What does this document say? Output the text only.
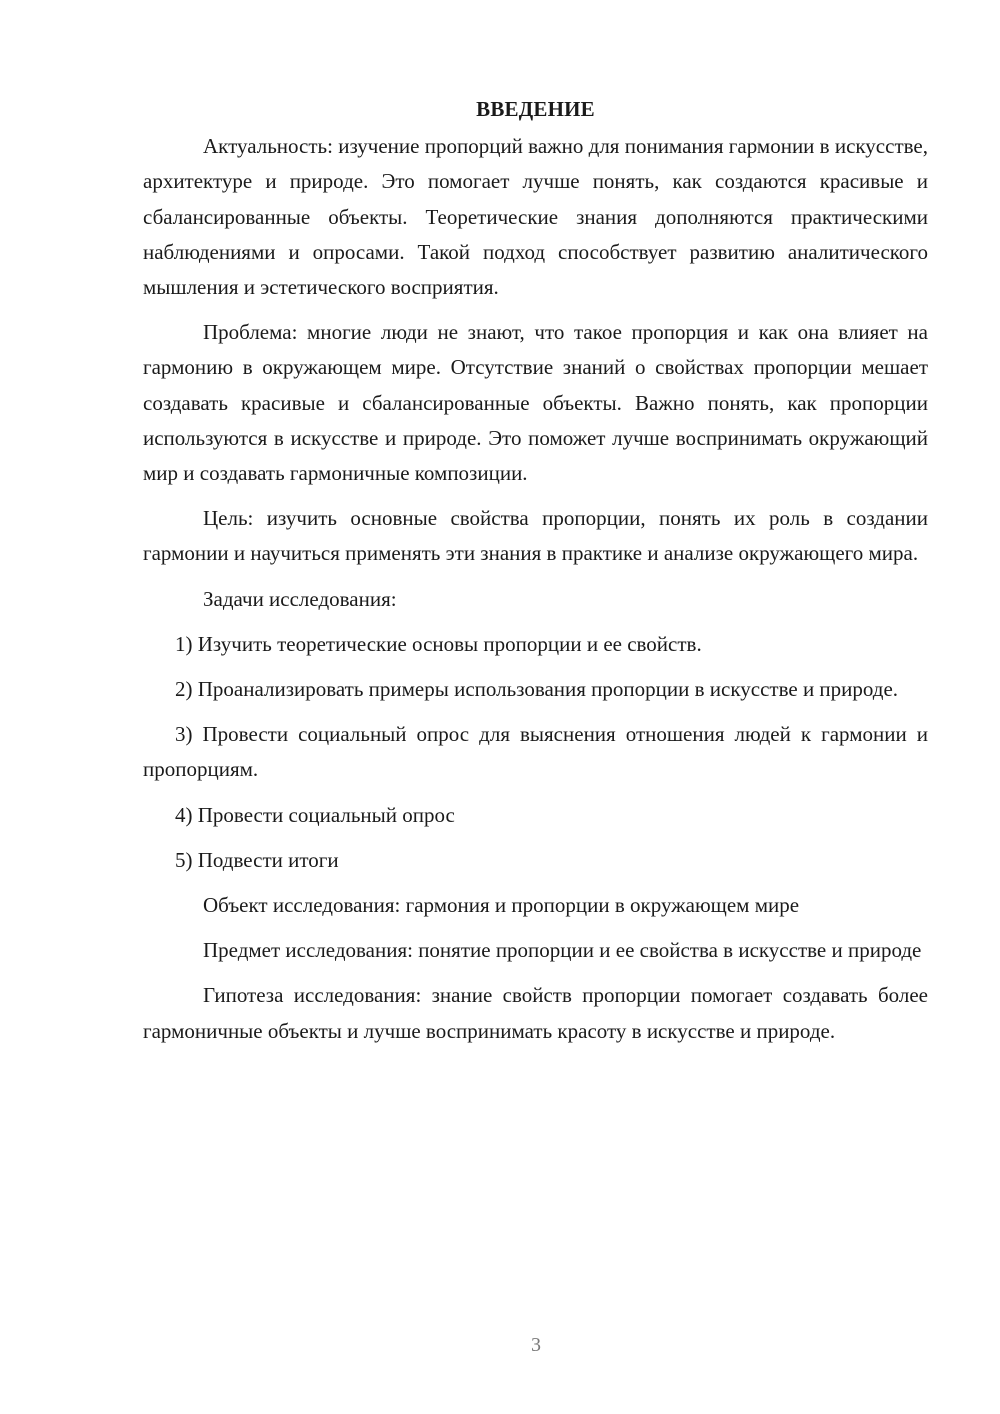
ВВЕДЕНИЕ

Актуальность: изучение пропорций важно для понимания гармонии в искусстве, архитектуре и природе. Это помогает лучше понять, как создаются красивые и сбалансированные объекты. Теоретические знания дополняются практическими наблюдениями и опросами. Такой подход способствует развитию аналитического мышления и эстетического восприятия.

Проблема: многие люди не знают, что такое пропорция и как она влияет на гармонию в окружающем мире. Отсутствие знаний о свойствах пропорции мешает создавать красивые и сбалансированные объекты. Важно понять, как пропорции используются в искусстве и природе. Это поможет лучше воспринимать окружающий мир и создавать гармоничные композиции.

Цель: изучить основные свойства пропорции, понять их роль в создании гармонии и научиться применять эти знания в практике и анализе окружающего мира.

Задачи исследования:

1) Изучить теоретические основы пропорции и ее свойств.

2) Проанализировать примеры использования пропорции в искусстве и природе.

3) Провести социальный опрос для выяснения отношения людей к гармонии и пропорциям.

4) Провести социальный опрос

5) Подвести итоги

Объект исследования: гармония и пропорции в окружающем мире

Предмет исследования: понятие пропорции и ее свойства в искусстве и природе

Гипотеза исследования: знание свойств пропорции помогает создавать более гармоничные объекты и лучше воспринимать красоту в искусстве и природе.

3
